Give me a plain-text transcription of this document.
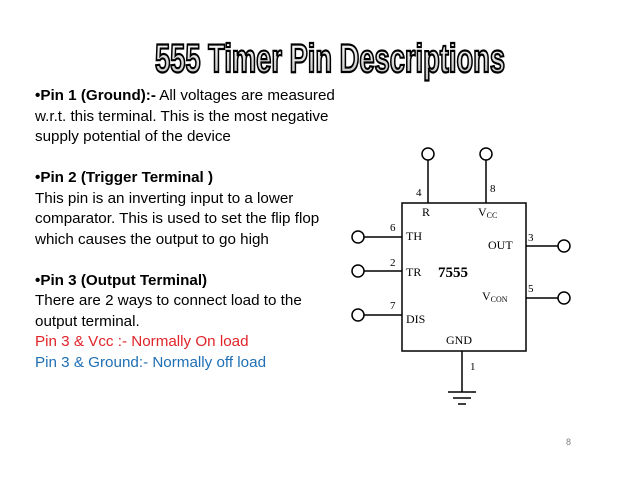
555 Timer Pin Descriptions

•Pin 1 (Ground):- All voltages are measured w.r.t. this terminal. This is the most negative supply potential of the device

•Pin 2 (Trigger Terminal )

This pin is an inverting input to a lower comparator. This is used to set the flip flop which causes the output to go high

•Pin 3 (Output Terminal)

There are 2 ways to connect load to the output terminal.

Pin 3 & Vcc :- Normally On load

Pin 3 & Ground:- Normally off load

4	8
6
2
7
3
5
1
R	VCC
TH
OUT
TR
VCON
DIS
GND
7555
8
